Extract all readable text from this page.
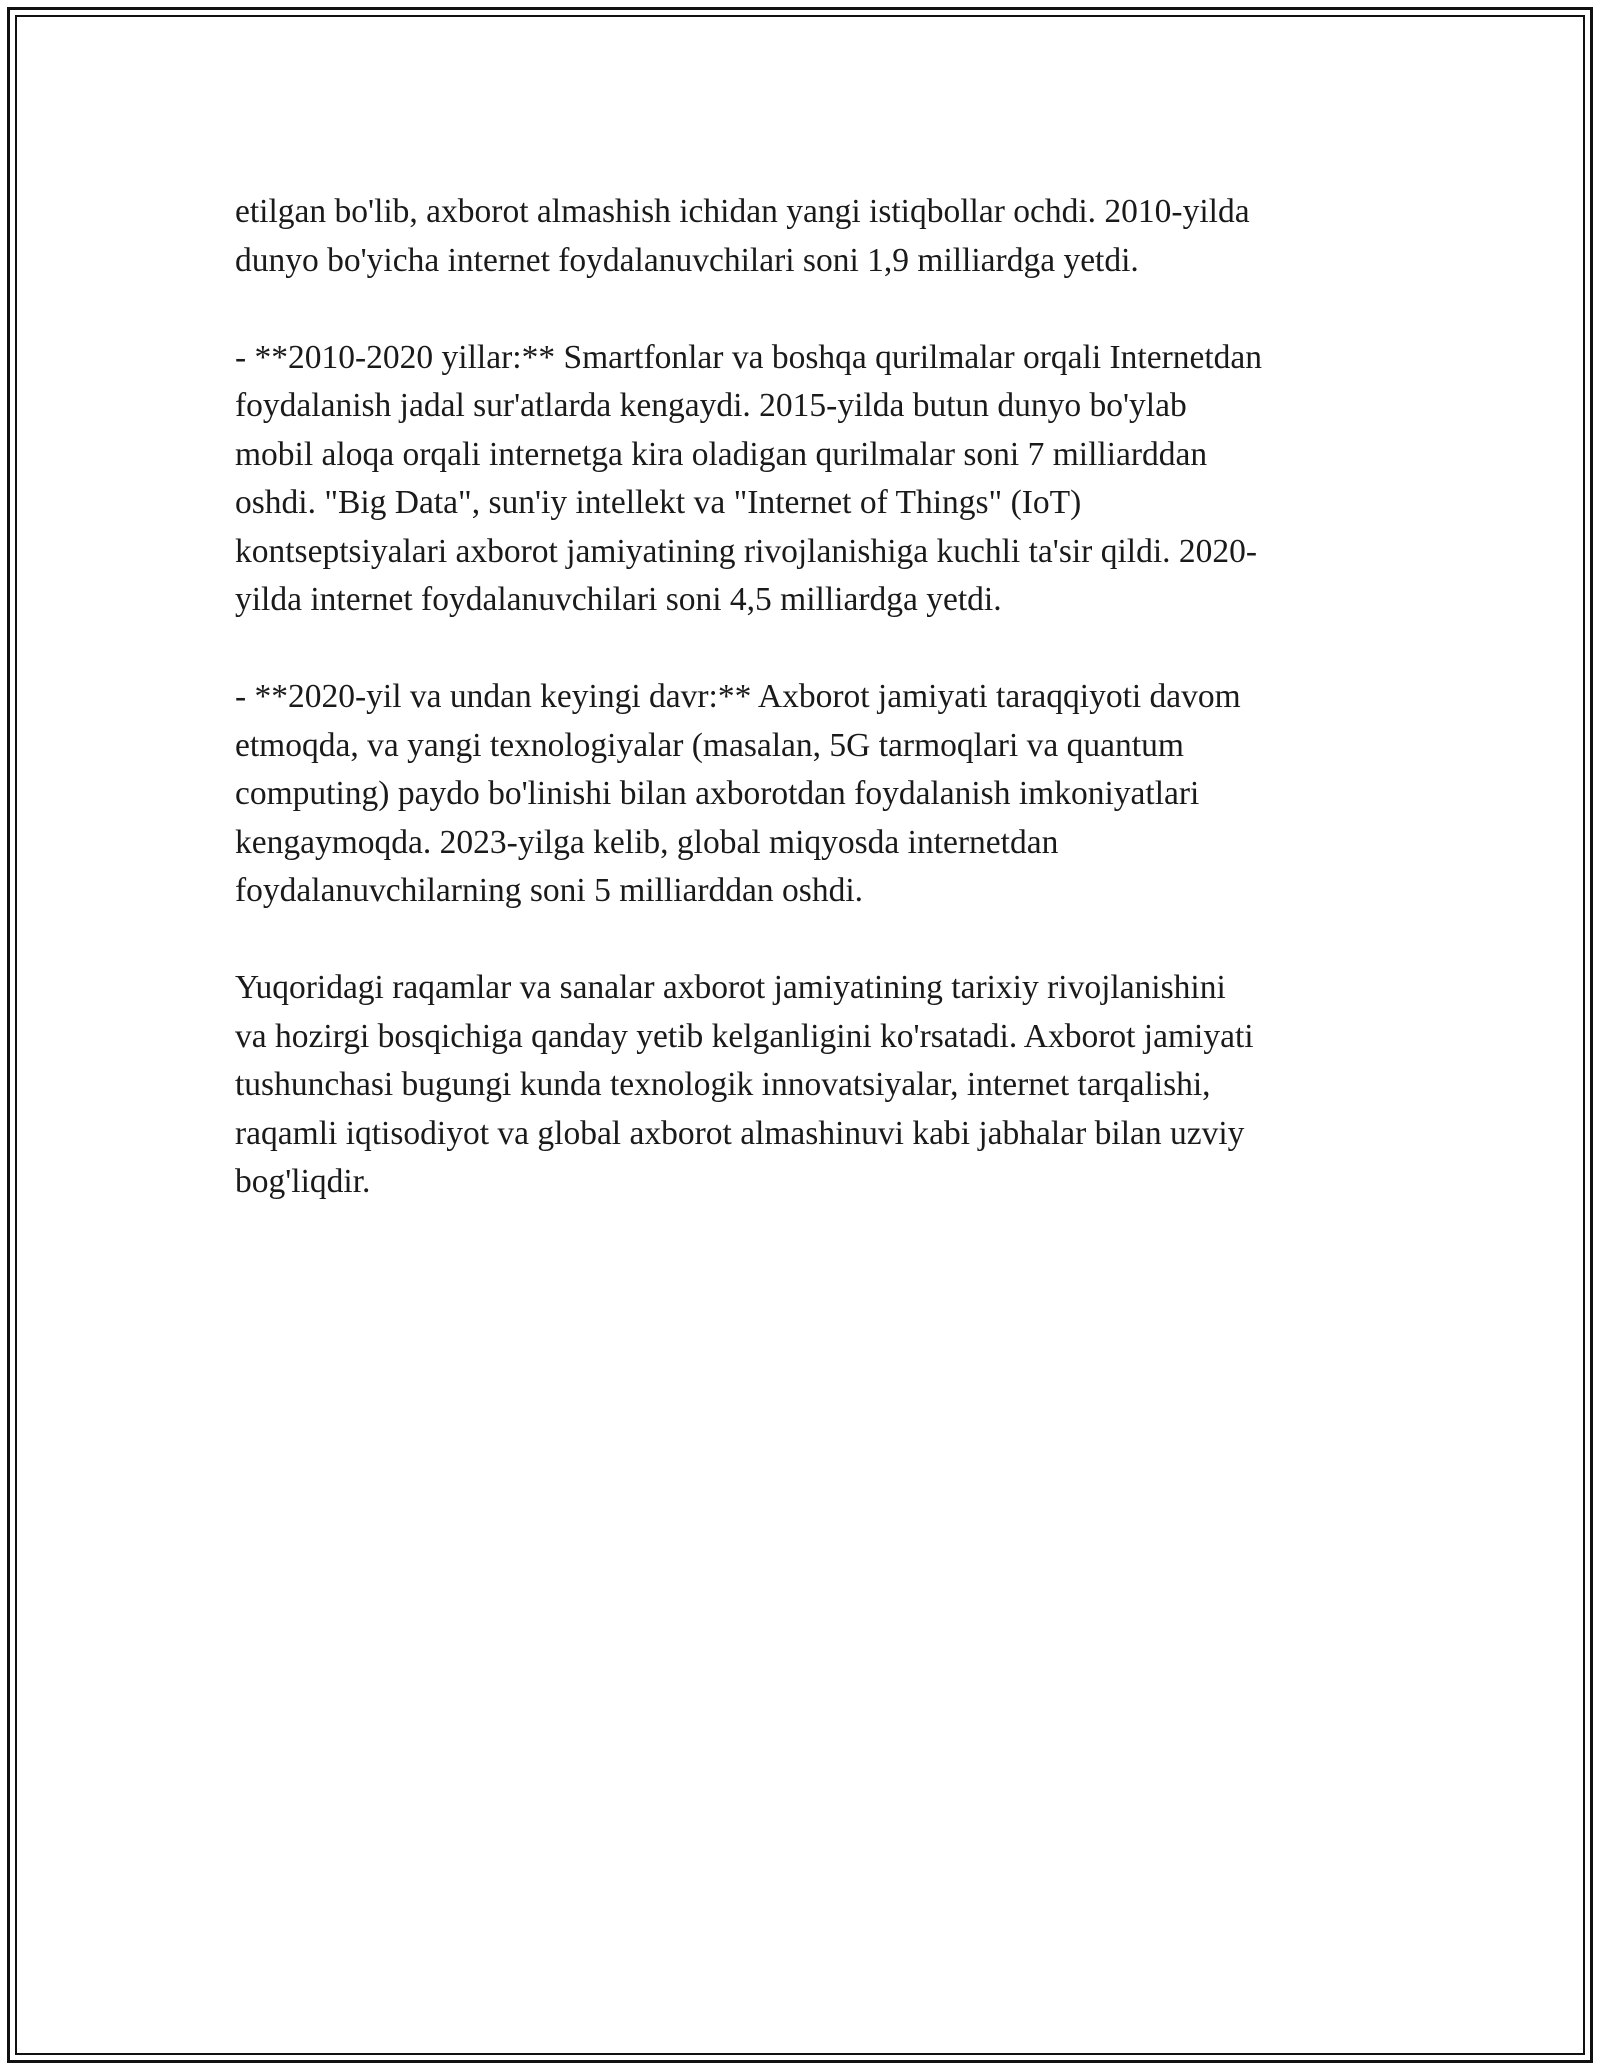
etilgan bo'lib, axborot almashish ichidan yangi istiqbollar ochdi. 2010-yilda
dunyo bo'yicha internet foydalanuvchilari soni 1,9 milliardga yetdi.

- **2010-2020 yillar:** Smartfonlar va boshqa qurilmalar orqali Internetdan
foydalanish jadal sur'atlarda kengaydi. 2015-yilda butun dunyo bo'ylab
mobil aloqa orqali internetga kira oladigan qurilmalar soni 7 milliarddan
oshdi. "Big Data", sun'iy intellekt va "Internet of Things" (IoT)
kontseptsiyalari axborot jamiyatining rivojlanishiga kuchli ta'sir qildi. 2020-
yilda internet foydalanuvchilari soni 4,5 milliardga yetdi.

- **2020-yil va undan keyingi davr:** Axborot jamiyati taraqqiyoti davom
etmoqda, va yangi texnologiyalar (masalan, 5G tarmoqlari va quantum
computing) paydo bo'linishi bilan axborotdan foydalanish imkoniyatlari
kengaymoqda. 2023-yilga kelib, global miqyosda internetdan
foydalanuvchilarning soni 5 milliarddan oshdi.

Yuqoridagi raqamlar va sanalar axborot jamiyatining tarixiy rivojlanishini
va hozirgi bosqichiga qanday yetib kelganligini ko'rsatadi. Axborot jamiyati
tushunchasi bugungi kunda texnologik innovatsiyalar, internet tarqalishi,
raqamli iqtisodiyot va global axborot almashinuvi kabi jabhalar bilan uzviy
bog'liqdir.
